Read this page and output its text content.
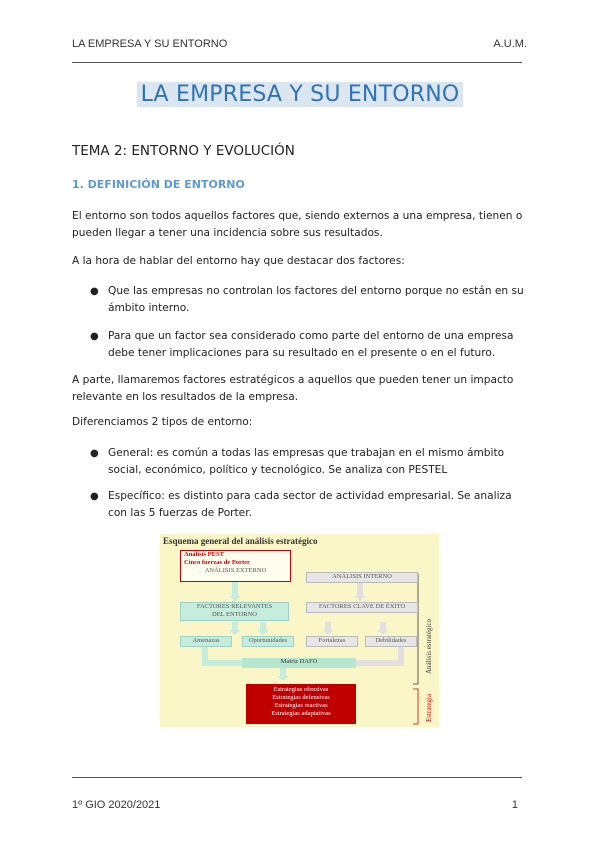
LA EMPRESA Y SU ENTORNO	A.U.M.
LA EMPRESA Y SU ENTORNO
TEMA 2: ENTORNO Y EVOLUCIÓN
1. DEFINICIÓN DE ENTORNO
El entorno son todos aquellos factores que, siendo externos a una empresa, tienen o pueden llegar a tener una incidencia sobre sus resultados.
A la hora de hablar del entorno hay que destacar dos factores:
● Que las empresas no controlan los factores del entorno porque no están en su ámbito interno.
● Para que un factor sea considerado como parte del entorno de una empresa debe tener implicaciones para su resultado en el presente o en el futuro.
A parte, llamaremos factores estratégicos a aquellos que pueden tener un impacto relevante en los resultados de la empresa.
Diferenciamos 2 tipos de entorno:
● General: es común a todas las empresas que trabajan en el mismo ámbito social, económico, político y tecnológico. Se analiza con PESTEL
● Específico: es distinto para cada sector de actividad empresarial. Se analiza con las 5 fuerzas de Porter.
Esquema general del análisis estratégico
Análisis PEST
Cinco fuerzas de Porter
ANÁLISIS EXTERNO
ANÁLISIS INTERNO
FACTORES RELEVANTES
DEL ENTORNO
FACTORES CLAVE DE ÉXITO
Amenazas	Oportunidades	Fortalezas	Debilidades
Matriz DAFO
Estrategias ofensivas
Estrategias defensivas
Estrategias reactivas
Estrategias adaptativas
Análisis estratégico
Estrategia
1º GIO 2020/2021	1
